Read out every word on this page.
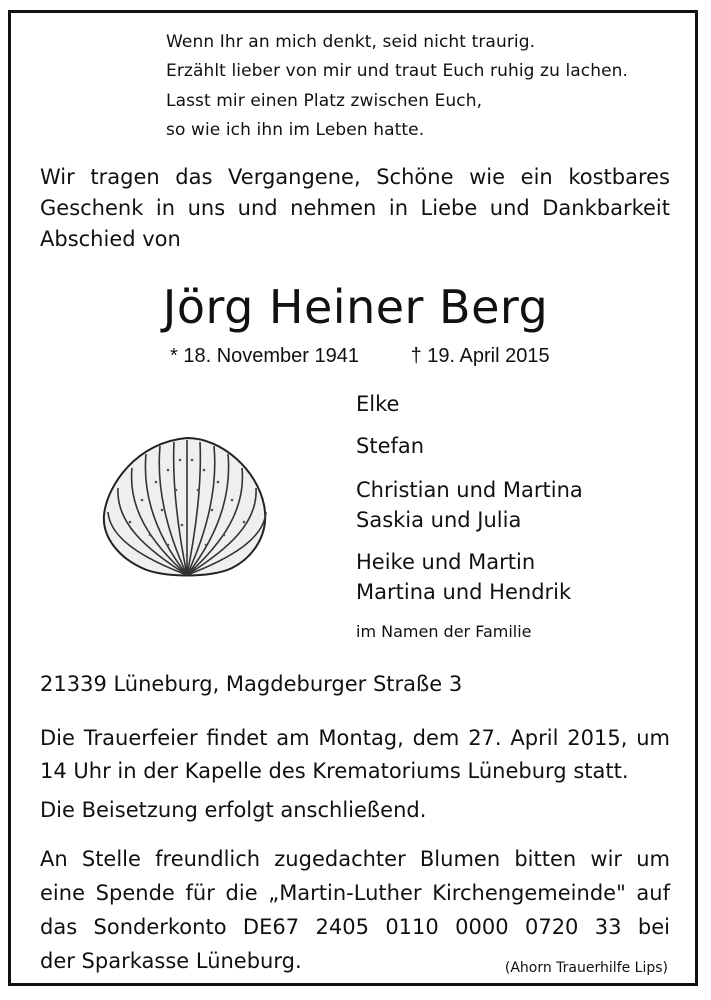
Wenn Ihr an mich denkt, seid nicht traurig.
Erzählt lieber von mir und traut Euch ruhig zu lachen.
Lasst mir einen Platz zwischen Euch,
so wie ich ihn im Leben hatte.
Wir tragen das Vergangene, Schöne wie ein kostbares
Geschenk in uns und nehmen in Liebe und Dankbarkeit
Abschied von
Jörg Heiner Berg
* 18. November 1941	† 19. April 2015
Elke
Stefan
Christian und Martina
Saskia und Julia
Heike und Martin
Martina und Hendrik
im Namen der Familie
21339 Lüneburg, Magdeburger Straße 3
Die Trauerfeier findet am Montag, dem 27. April 2015, um
14 Uhr in der Kapelle des Krematoriums Lüneburg statt.
Die Beisetzung erfolgt anschließend.
An Stelle freundlich zugedachter Blumen bitten wir um
eine Spende für die „Martin-Luther Kirchengemeinde" auf
das Sonderkonto DE67 2405 0110 0000 0720 33 bei
der Sparkasse Lüneburg.	(Ahorn Trauerhilfe Lips)
